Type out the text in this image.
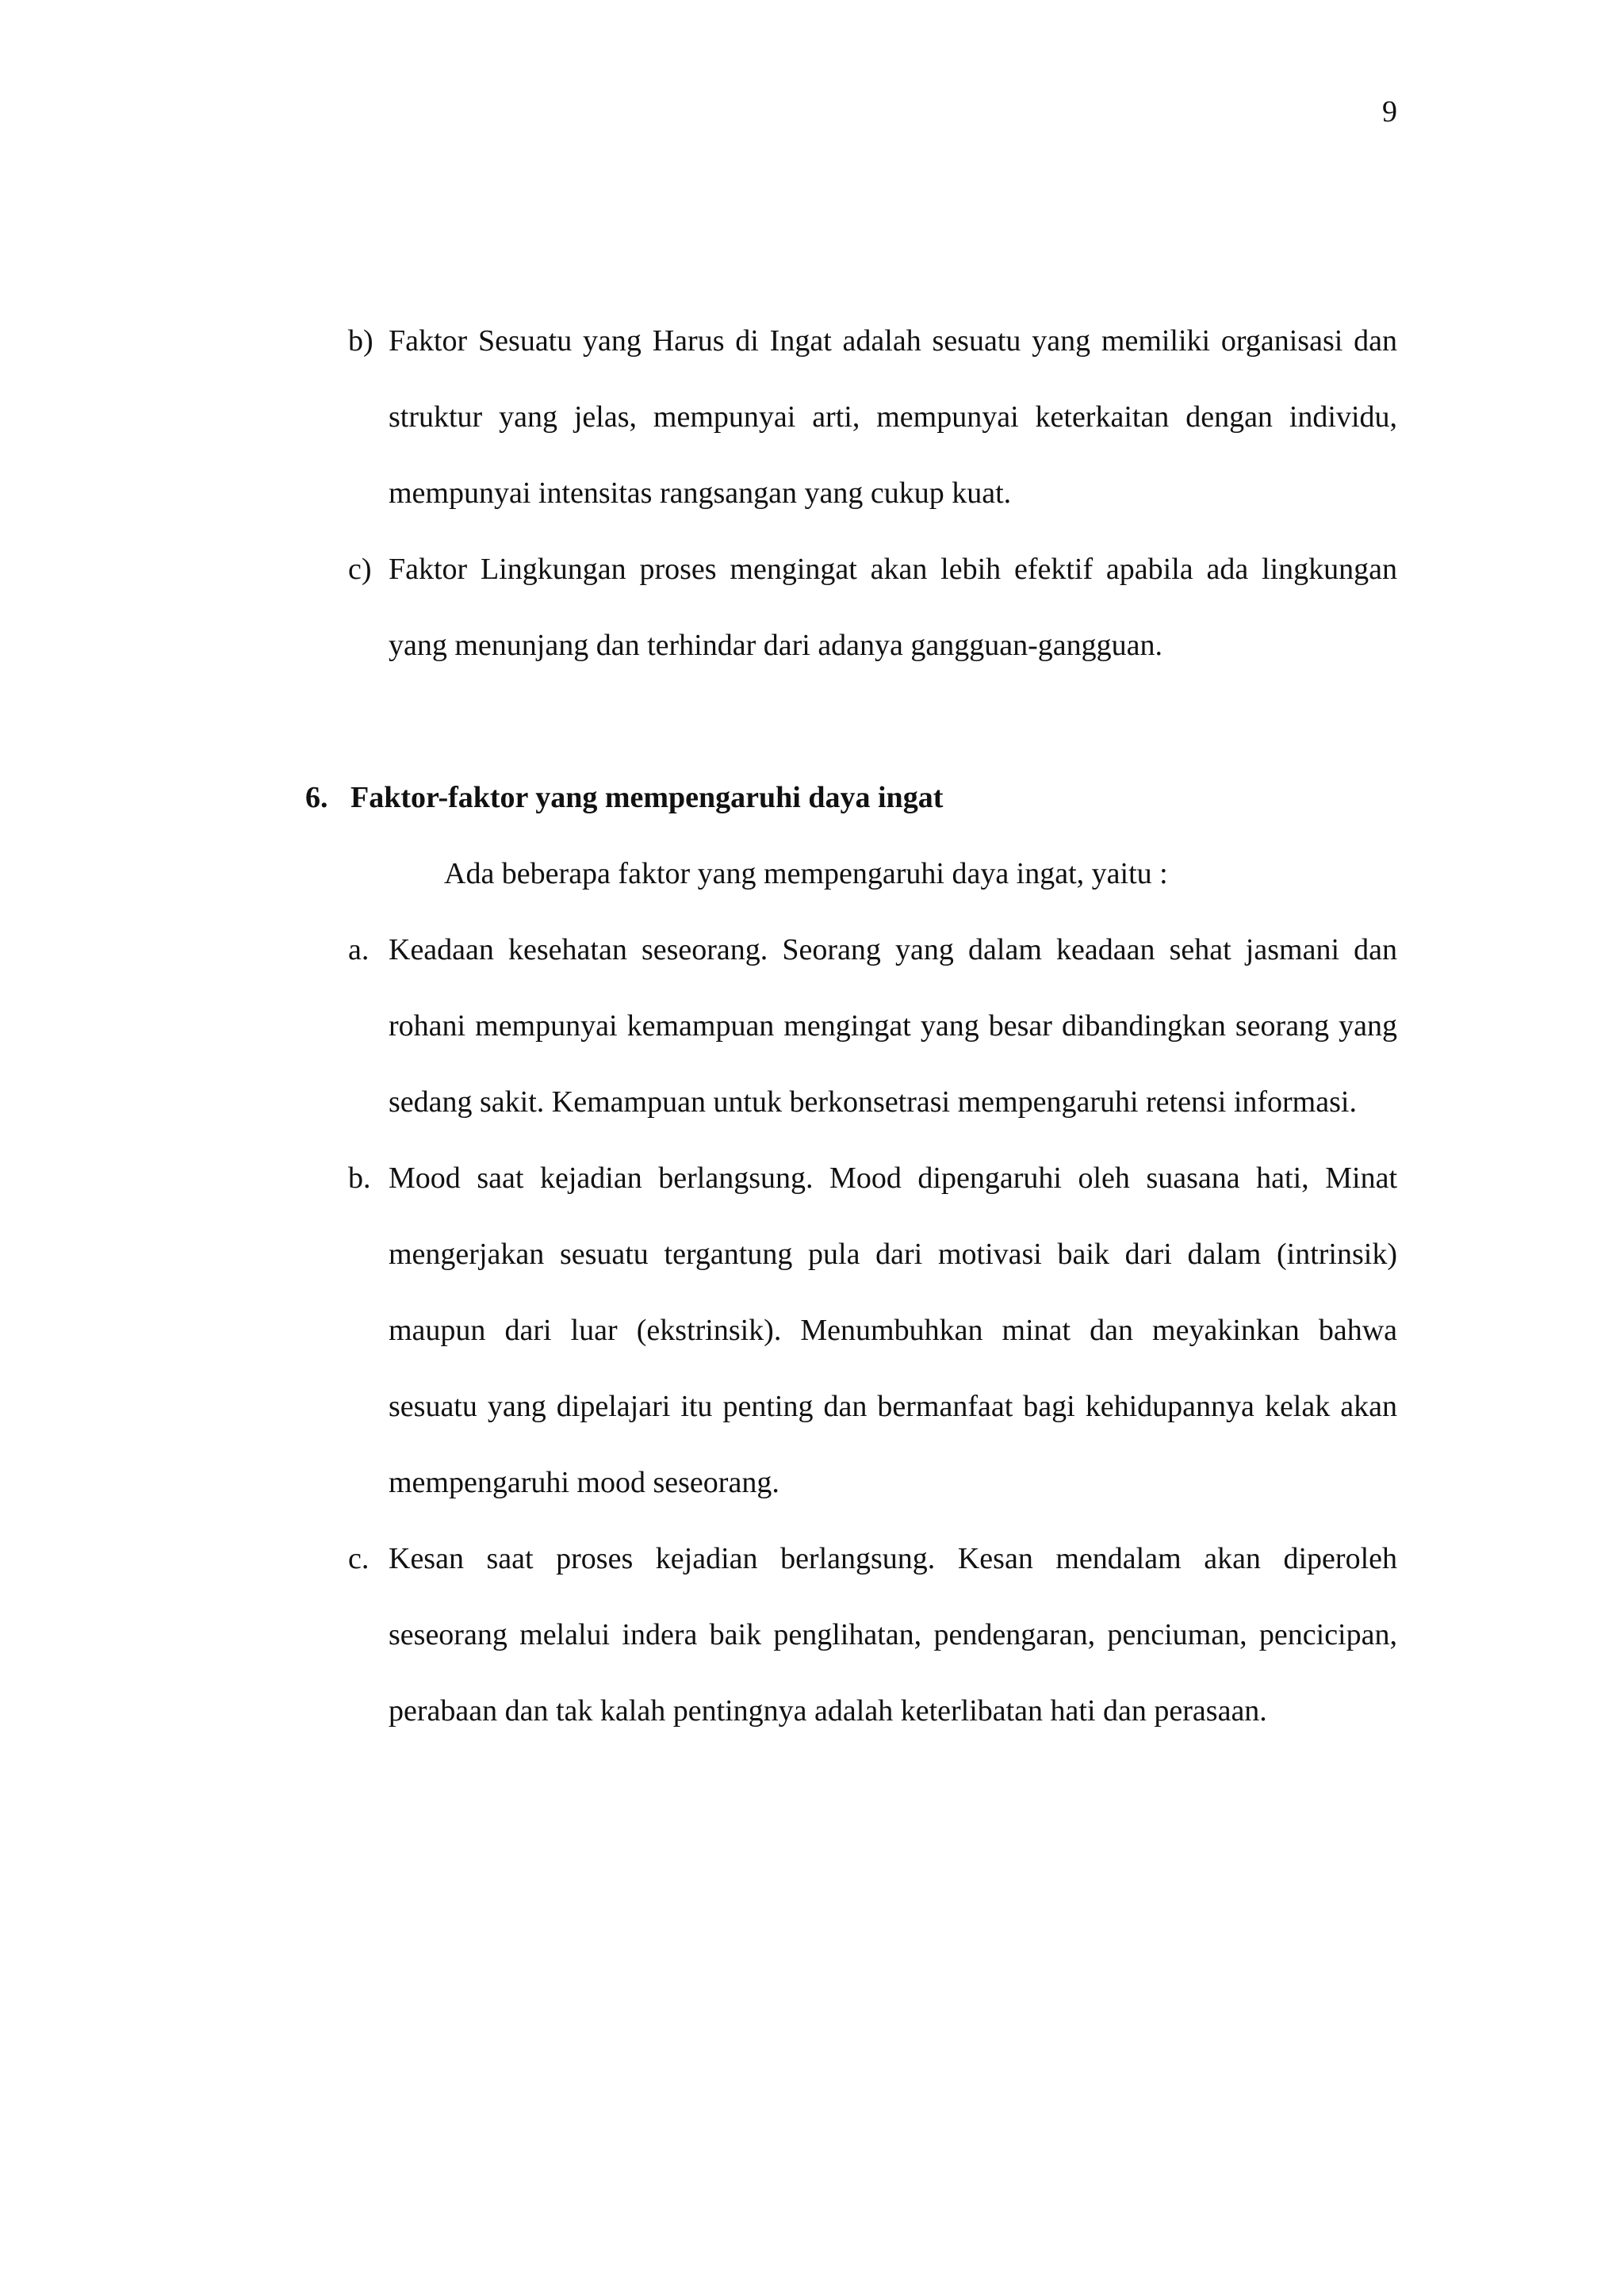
9
b) Faktor Sesuatu yang Harus di Ingat adalah sesuatu yang memiliki organisasi dan struktur yang jelas, mempunyai arti, mempunyai keterkaitan dengan individu, mempunyai intensitas rangsangan yang cukup kuat.
c) Faktor Lingkungan proses mengingat akan lebih efektif apabila ada lingkungan yang menunjang dan terhindar dari adanya gangguan-gangguan.
6. Faktor-faktor yang mempengaruhi daya ingat
Ada beberapa faktor yang mempengaruhi daya ingat, yaitu :
a. Keadaan kesehatan seseorang. Seorang yang dalam keadaan sehat jasmani dan rohani mempunyai kemampuan mengingat yang besar dibandingkan seorang yang sedang sakit. Kemampuan untuk berkonsetrasi mempengaruhi retensi informasi.
b. Mood saat kejadian berlangsung. Mood dipengaruhi oleh suasana hati, Minat mengerjakan sesuatu tergantung pula dari motivasi baik dari dalam (intrinsik) maupun dari luar (ekstrinsik). Menumbuhkan minat dan meyakinkan bahwa sesuatu yang dipelajari itu penting dan bermanfaat bagi kehidupannya kelak akan mempengaruhi mood seseorang.
c. Kesan saat proses kejadian berlangsung. Kesan mendalam akan diperoleh seseorang melalui indera baik penglihatan, pendengaran, penciuman, pencicipan, perabaan dan tak kalah pentingnya adalah keterlibatan hati dan perasaan.
